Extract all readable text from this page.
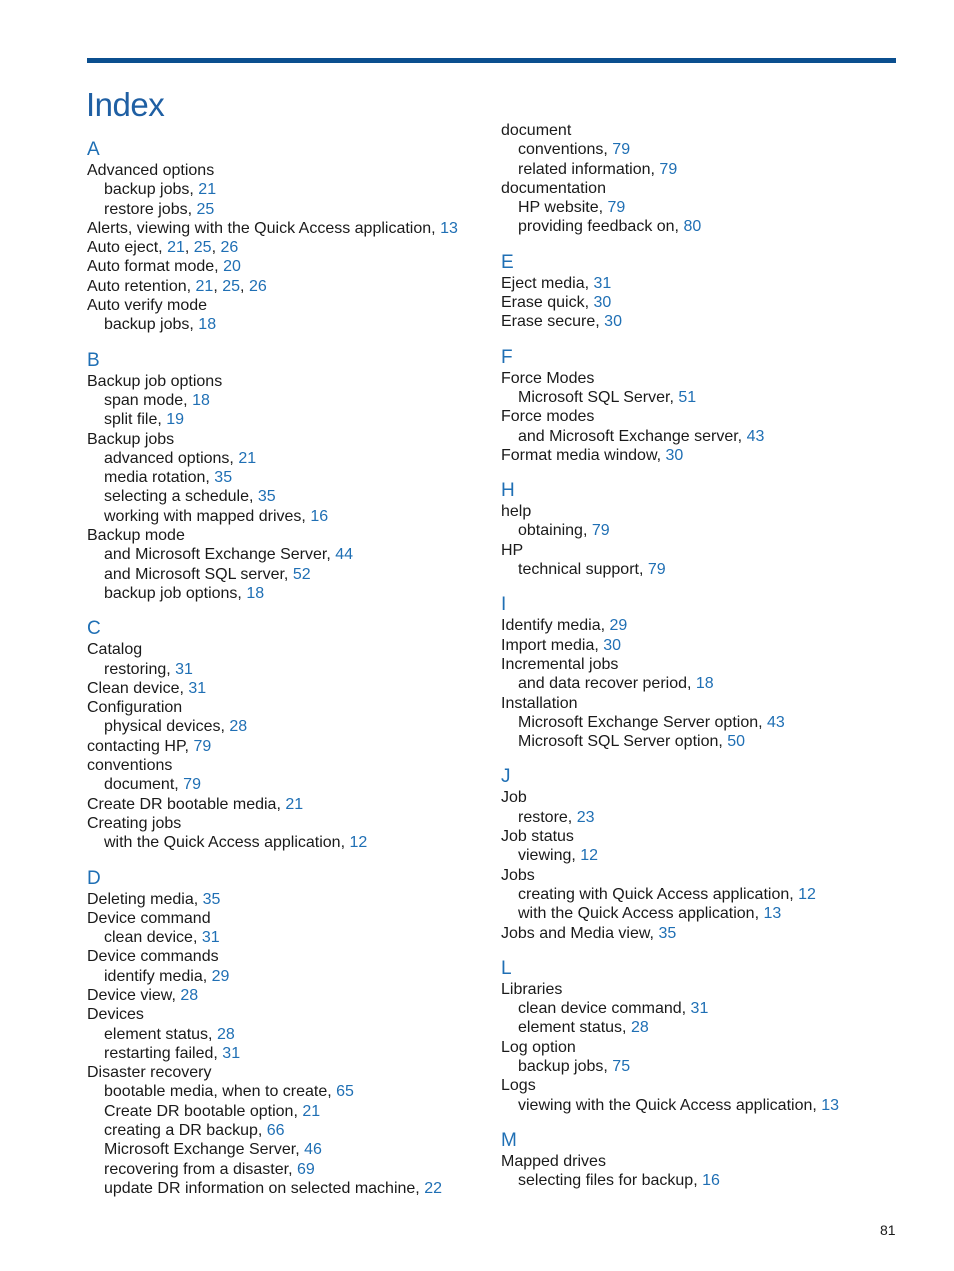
Index
A
Advanced options
backup jobs, 21
restore jobs, 25
Alerts, viewing with the Quick Access application, 13
Auto eject, 21, 25, 26
Auto format mode, 20
Auto retention, 21, 25, 26
Auto verify mode
backup jobs, 18
B
Backup job options
span mode, 18
split file, 19
Backup jobs
advanced options, 21
media rotation, 35
selecting a schedule, 35
working with mapped drives, 16
Backup mode
and Microsoft Exchange Server, 44
and Microsoft SQL server, 52
backup job options, 18
C
Catalog
restoring, 31
Clean device, 31
Configuration
physical devices, 28
contacting HP, 79
conventions
document, 79
Create DR bootable media, 21
Creating jobs
with the Quick Access application, 12
D
Deleting media, 35
Device command
clean device, 31
Device commands
identify media, 29
Device view, 28
Devices
element status, 28
restarting failed, 31
Disaster recovery
bootable media, when to create, 65
Create DR bootable option, 21
creating a DR backup, 66
Microsoft Exchange Server, 46
recovering from a disaster, 69
update DR information on selected machine, 22
document
conventions, 79
related information, 79
documentation
HP website, 79
providing feedback on, 80
E
Eject media, 31
Erase quick, 30
Erase secure, 30
F
Force Modes
Microsoft SQL Server, 51
Force modes
and Microsoft Exchange server, 43
Format media window, 30
H
help
obtaining, 79
HP
technical support, 79
I
Identify media, 29
Import media, 30
Incremental jobs
and data recover period, 18
Installation
Microsoft Exchange Server option, 43
Microsoft SQL Server option, 50
J
Job
restore, 23
Job status
viewing, 12
Jobs
creating with Quick Access application, 12
with the Quick Access application, 13
Jobs and Media view, 35
L
Libraries
clean device command, 31
element status, 28
Log option
backup jobs, 75
Logs
viewing with the Quick Access application, 13
M
Mapped drives
selecting files for backup, 16
81
